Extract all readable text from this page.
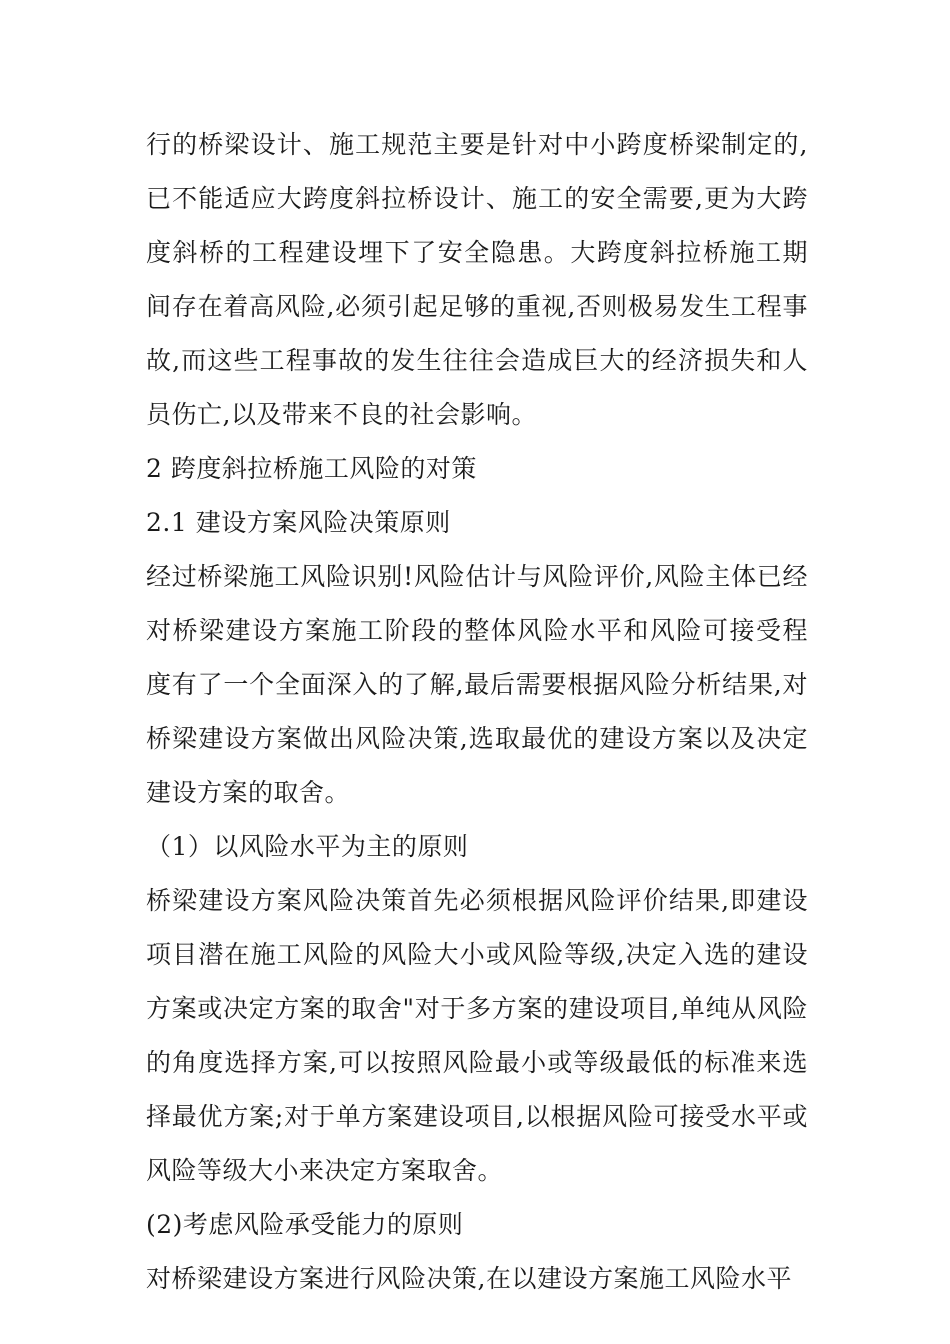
行的桥梁设计、施工规范主要是针对中小跨度桥梁制定的,已不能适应大跨度斜拉桥设计、施工的安全需要,更为大跨度斜桥的工程建设埋下了安全隐患。大跨度斜拉桥施工期间存在着高风险,必须引起足够的重视,否则极易发生工程事故,而这些工程事故的发生往往会造成巨大的经济损失和人员伤亡,以及带来不良的社会影响。

2 跨度斜拉桥施工风险的对策

2.1 建设方案风险决策原则

经过桥梁施工风险识别!风险估计与风险评价,风险主体已经对桥梁建设方案施工阶段的整体风险水平和风险可接受程度有了一个全面深入的了解,最后需要根据风险分析结果,对桥梁建设方案做出风险决策,选取最优的建设方案以及决定建设方案的取舍。

（1）以风险水平为主的原则

桥梁建设方案风险决策首先必须根据风险评价结果,即建设项目潜在施工风险的风险大小或风险等级,决定入选的建设方案或决定方案的取舍"对于多方案的建设项目,单纯从风险的角度选择方案,可以按照风险最小或等级最低的标准来选择最优方案;对于单方案建设项目,以根据风险可接受水平或风险等级大小来决定方案取舍。

(2)考虑风险承受能力的原则

对桥梁建设方案进行风险决策,在以建设方案施工风险水平
